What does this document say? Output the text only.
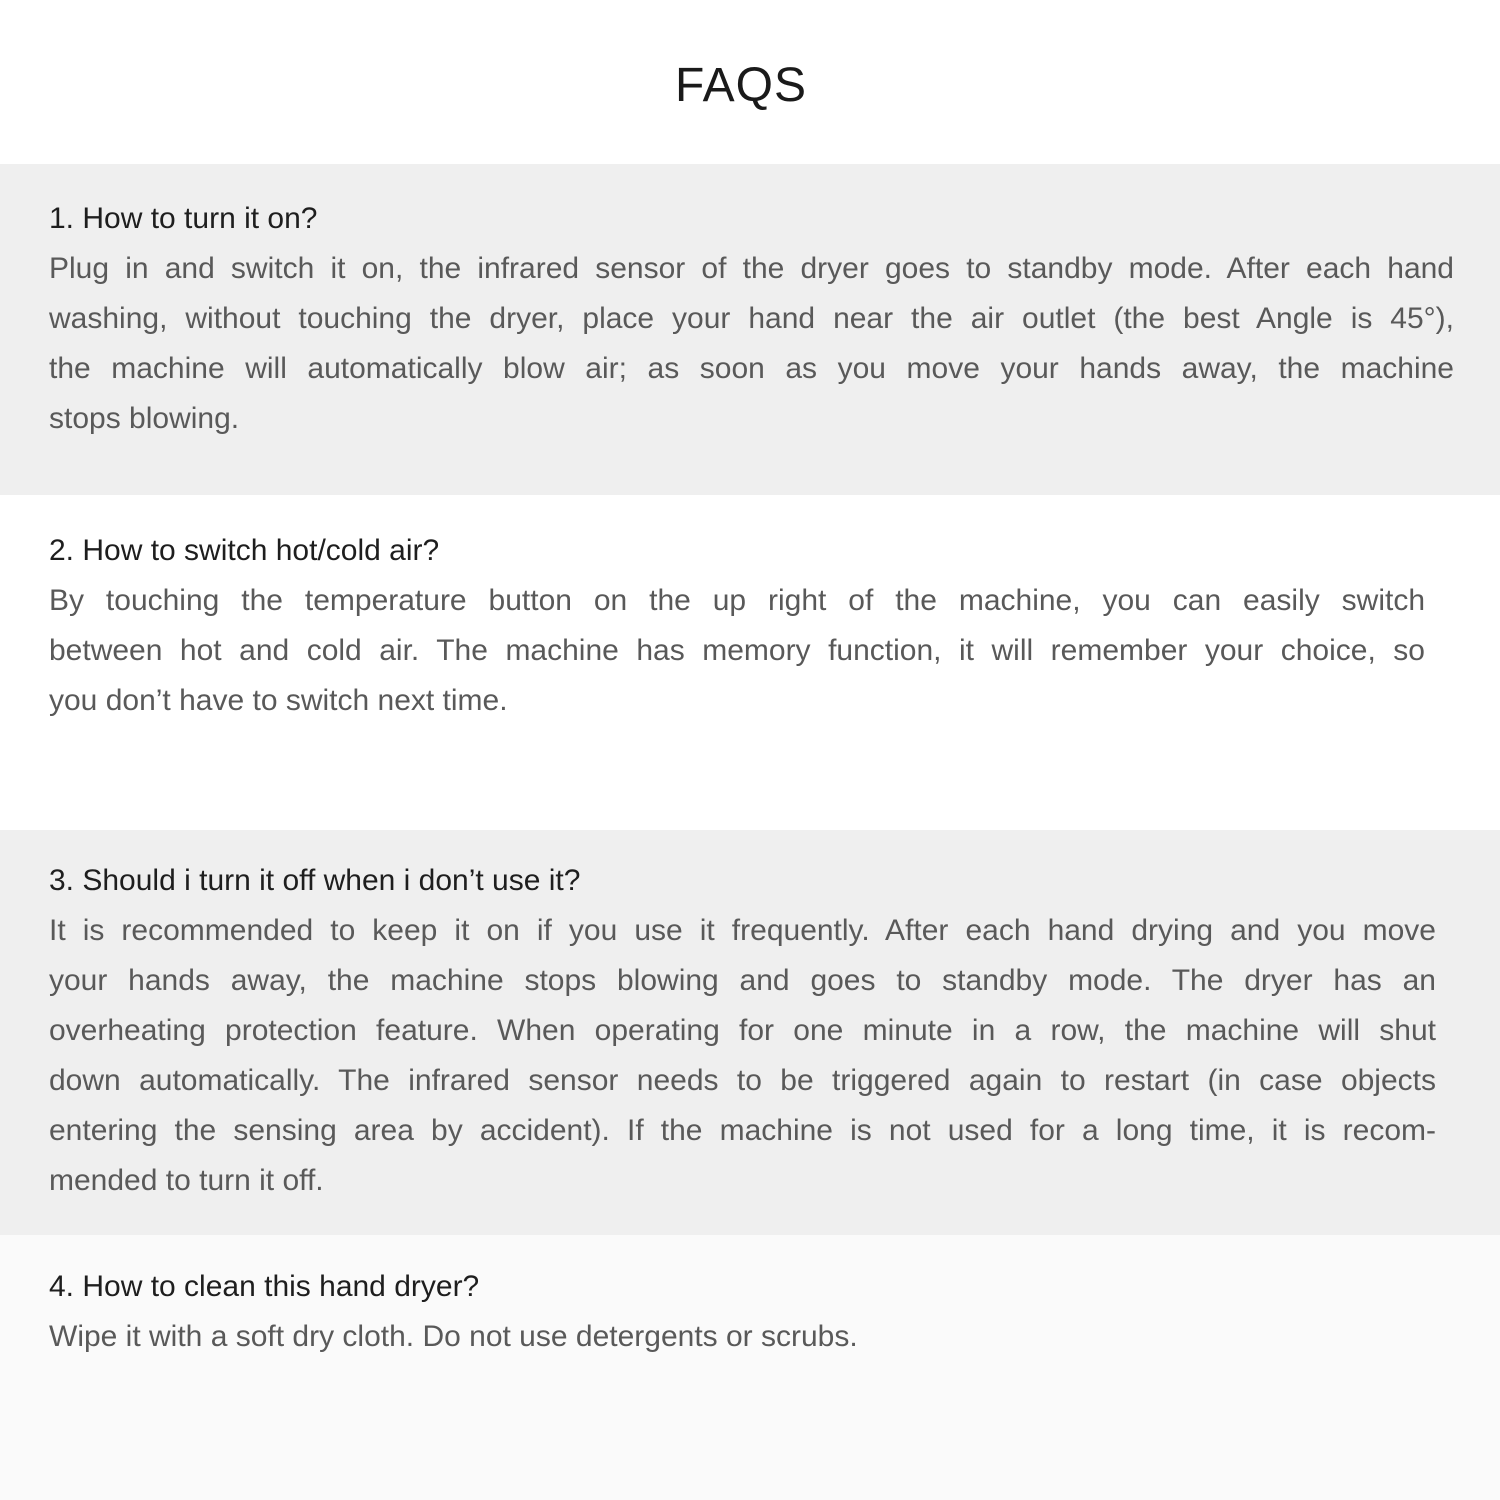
FAQS

1. How to turn it on?

Plug in and switch it on, the infrared sensor of the dryer goes to standby mode. After each hand
washing, without touching the dryer, place your hand near the air outlet (the best Angle is 45°),
the machine will automatically blow air; as soon as you move your hands away, the machine
stops blowing.

2. How to switch hot/cold air?

By touching the temperature button on the up right of the machine, you can easily switch
between hot and cold air. The machine has memory function, it will remember your choice, so
you don’t have to switch next time.

3. Should i turn it off when i don’t use it?

It is recommended to keep it on if you use it frequently. After each hand drying and you move
your hands away, the machine stops blowing and goes to standby mode. The dryer has an
overheating protection feature. When operating for one minute in a row, the machine will shut
down automatically. The infrared sensor needs to be triggered again to restart (in case objects
entering the sensing area by accident). If the machine is not used for a long time, it is recom-
mended to turn it off.

4. How to clean this hand dryer?

Wipe it with a soft dry cloth. Do not use detergents or scrubs.
